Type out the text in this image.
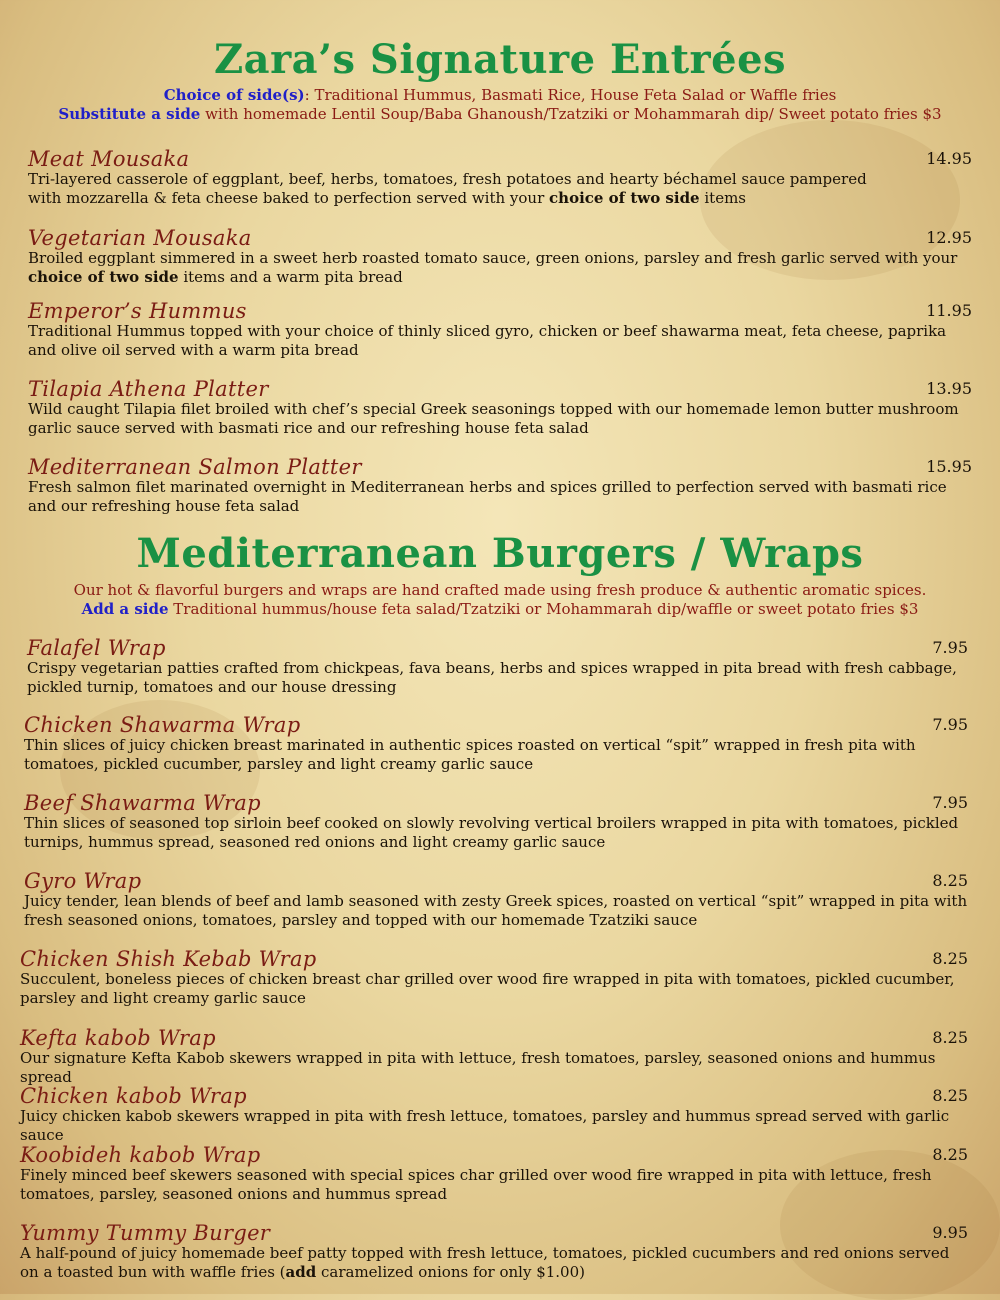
Zara’s Signature Entrées
Choice of side(s): Traditional Hummus, Basmati Rice, House Feta Salad or Waffle fries
Substitute a side with homemade Lentil Soup/Baba Ghanoush/Tzatziki or Mohammarah dip/ Sweet potato fries $3
Meat Mousaka	14.95
Tri-layered casserole of eggplant, beef, herbs, tomatoes, fresh potatoes and hearty béchamel sauce pampered with mozzarella & feta cheese baked to perfection served with your choice of two side items
Vegetarian Mousaka	12.95
Broiled eggplant simmered in a sweet herb roasted tomato sauce, green onions, parsley and fresh garlic served with your choice of two side items and a warm pita bread
Emperor’s Hummus	11.95
Traditional Hummus topped with your choice of thinly sliced gyro, chicken or beef shawarma meat, feta cheese, paprika and olive oil served with a warm pita bread
Tilapia Athena Platter	13.95
Wild caught Tilapia filet broiled with chef’s special Greek seasonings topped with our homemade lemon butter mushroom garlic sauce served with basmati rice and our refreshing house feta salad
Mediterranean Salmon Platter	15.95
Fresh salmon filet marinated overnight in Mediterranean herbs and spices grilled to perfection served with basmati rice and our refreshing house feta salad
Mediterranean Burgers / Wraps
Our hot & flavorful burgers and wraps are hand crafted made using fresh produce & authentic aromatic spices.
Add a side Traditional hummus/house feta salad/Tzatziki or Mohammarah dip/waffle or sweet potato fries $3
Falafel Wrap	7.95
Crispy vegetarian patties crafted from chickpeas, fava beans, herbs and spices wrapped in pita bread with fresh cabbage, pickled turnip, tomatoes and our house dressing
Chicken Shawarma Wrap	7.95
Thin slices of juicy chicken breast marinated in authentic spices roasted on vertical “spit” wrapped in fresh pita with tomatoes, pickled cucumber, parsley and light creamy garlic sauce
Beef Shawarma Wrap	7.95
Thin slices of seasoned top sirloin beef cooked on slowly revolving vertical broilers wrapped in pita with tomatoes, pickled turnips, hummus spread, seasoned red onions and light creamy garlic sauce
Gyro Wrap	8.25
Juicy tender, lean blends of beef and lamb seasoned with zesty Greek spices, roasted on vertical “spit” wrapped in pita with fresh seasoned onions, tomatoes, parsley and topped with our homemade Tzatziki sauce
Chicken Shish Kebab Wrap	8.25
Succulent, boneless pieces of chicken breast char grilled over wood fire wrapped in pita with tomatoes, pickled cucumber, parsley and light creamy garlic sauce
Kefta kabob Wrap	8.25
Our signature Kefta Kabob skewers wrapped in pita with lettuce, fresh tomatoes, parsley, seasoned onions and hummus spread
Chicken kabob Wrap	8.25
Juicy chicken kabob skewers wrapped in pita with fresh lettuce, tomatoes, parsley and hummus spread served with garlic sauce
Koobideh kabob Wrap	8.25
Finely minced beef skewers seasoned with special spices char grilled over wood fire wrapped in pita with lettuce, fresh tomatoes, parsley, seasoned onions and hummus spread
Yummy Tummy Burger	9.95
A half-pound of juicy homemade beef patty topped with fresh lettuce, tomatoes, pickled cucumbers and red onions served on a toasted bun with waffle fries (add caramelized onions for only $1.00)
